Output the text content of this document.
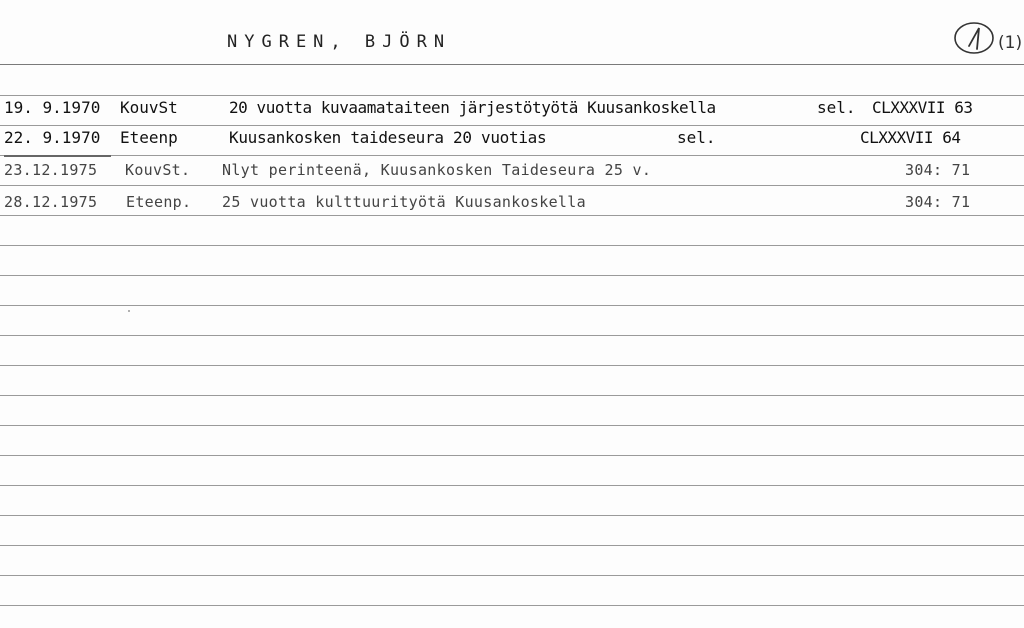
NYGREN, BJÖRN	(1)
19. 9.1970 KouvSt	20 vuotta kuvaamataiteen järjestötyötä Kuusankoskella	sel. CLXXXVII 63
22. 9.1970 Eteenp	Kuusankosken taideseura 20 vuotias	sel.	CLXXXVII 64
23.12.1975 KouvSt. Nlyt perinteenä, Kuusankosken Taideseura 25 v.	304: 71
28.12.1975 Eteenp. 25 vuotta kulttuurityötä Kuusankoskella	304: 71
